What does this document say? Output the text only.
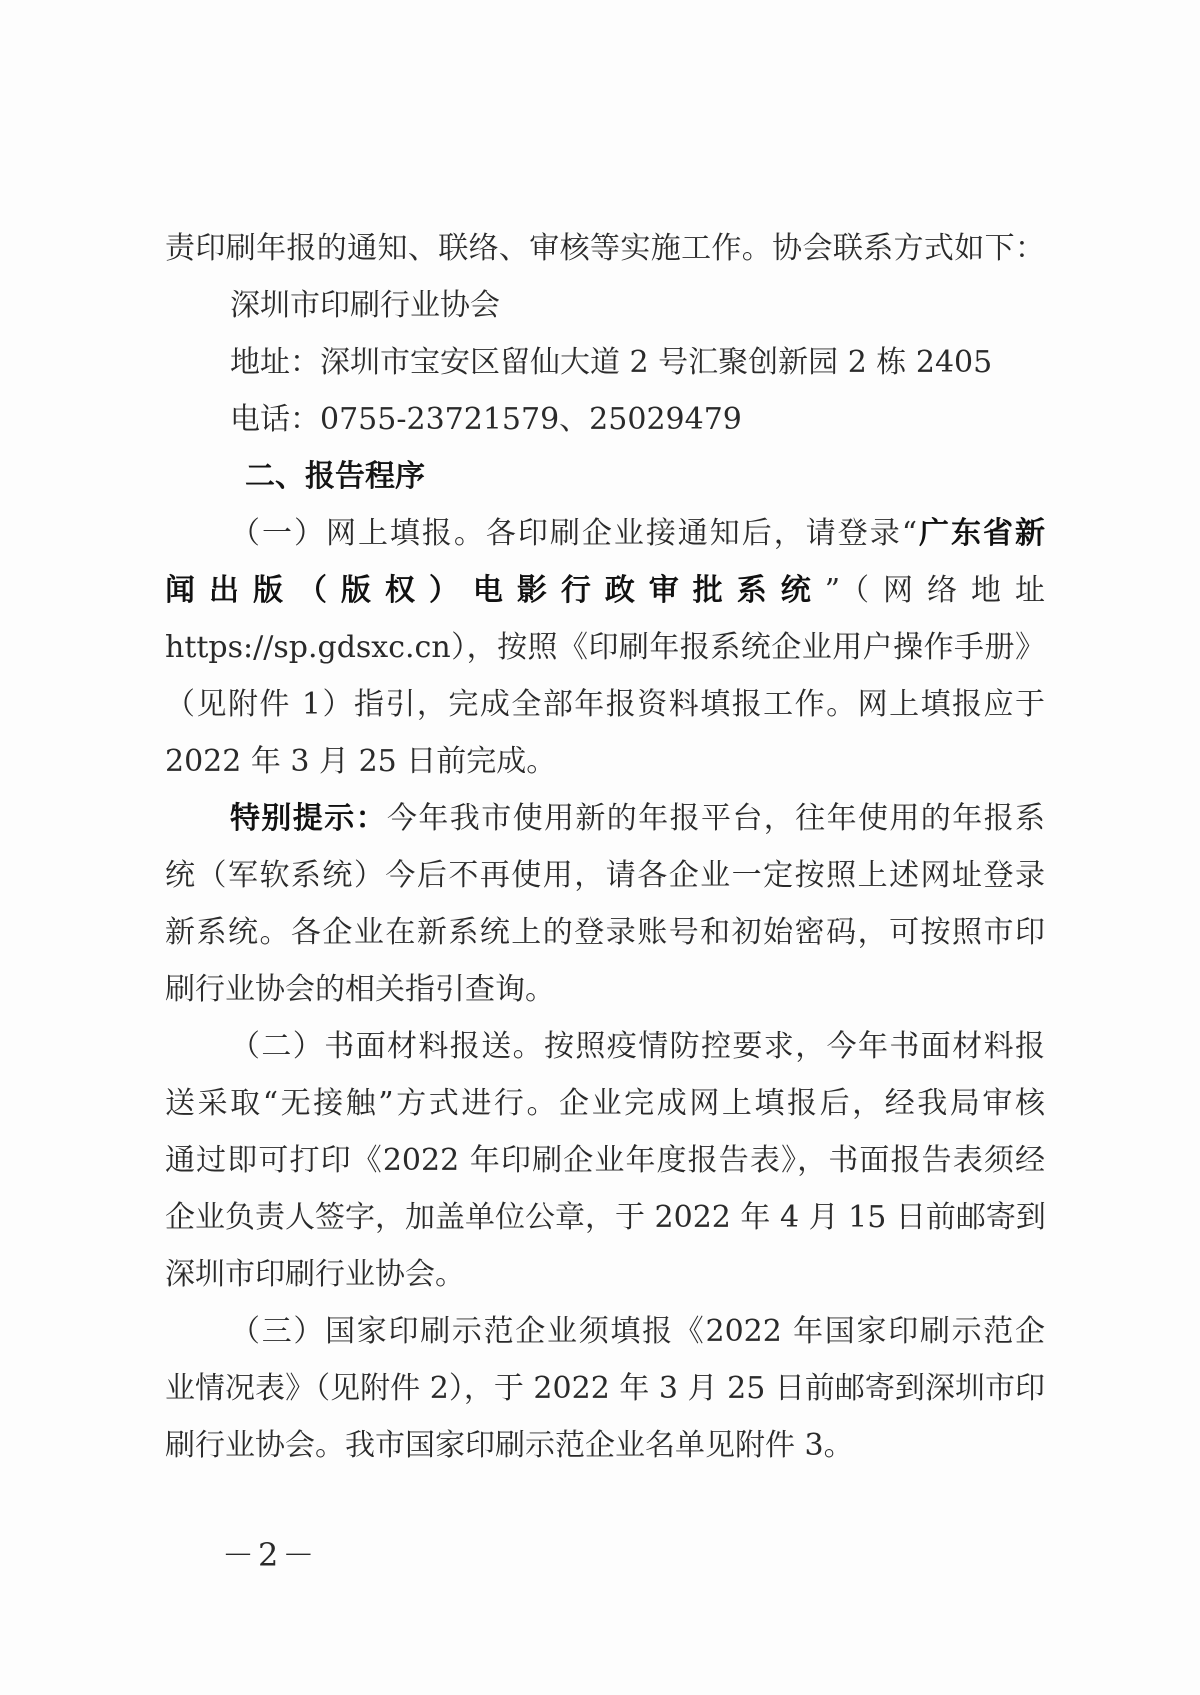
责印刷年报的通知、联络、审核等实施工作。协会联系方式如下：
深圳市印刷行业协会
地址：深圳市宝安区留仙大道 2 号汇聚创新园 2 栋 2405
电话：0755-23721579、25029479
二、报告程序
（一）网上填报。各印刷企业接通知后，请登录“广东省新
闻出版（版权）电影行政审批系统”（网络地址
https://sp.gdsxc.cn），按照《印刷年报系统企业用户操作手册》
（见附件 1）指引，完成全部年报资料填报工作。网上填报应于
2022 年 3 月 25 日前完成。
特别提示：今年我市使用新的年报平台，往年使用的年报系
统（军软系统）今后不再使用，请各企业一定按照上述网址登录
新系统。各企业在新系统上的登录账号和初始密码，可按照市印
刷行业协会的相关指引查询。
（二）书面材料报送。按照疫情防控要求，今年书面材料报
送采取“无接触”方式进行。企业完成网上填报后，经我局审核
通过即可打印《2022 年印刷企业年度报告表》，书面报告表须经
企业负责人签字，加盖单位公章，于 2022 年 4 月 15 日前邮寄到
深圳市印刷行业协会。
（三）国家印刷示范企业须填报《2022 年国家印刷示范企
业情况表》（见附件 2），于 2022 年 3 月 25 日前邮寄到深圳市印
刷行业协会。我市国家印刷示范企业名单见附件 3。
－2－
